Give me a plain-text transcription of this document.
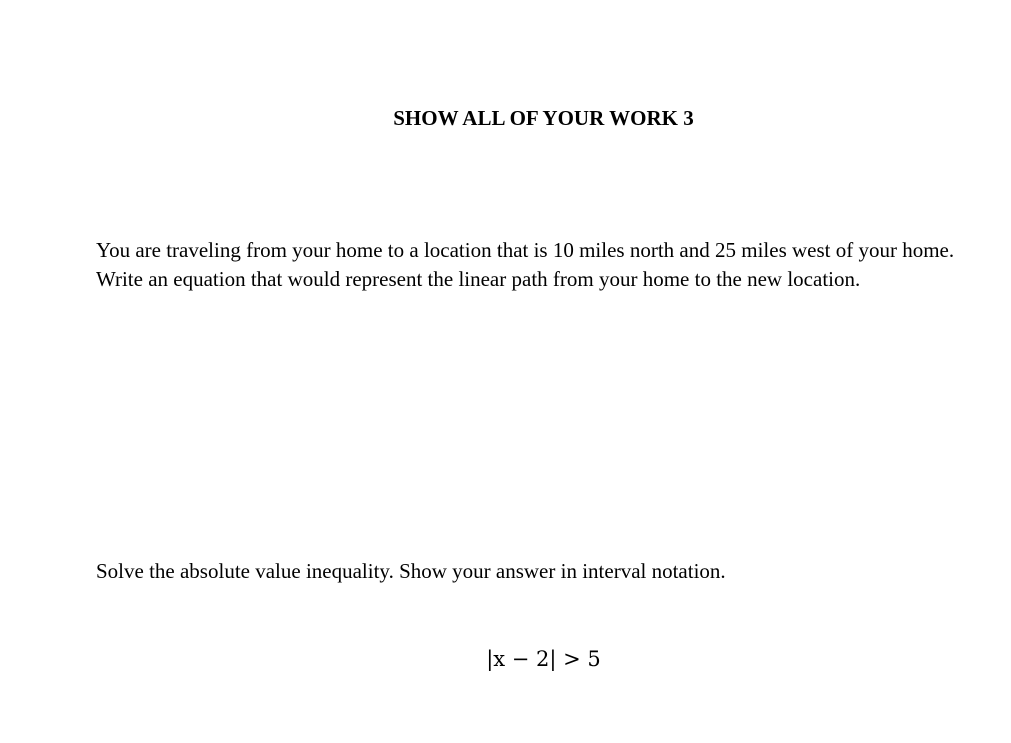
SHOW ALL OF YOUR WORK 3

You are traveling from your home to a location that is 10 miles north and 25 miles west of your home. Write an equation that would represent the linear path from your home to the new location.

Solve the absolute value inequality. Show your answer in interval notation.

|x − 2| > 5
